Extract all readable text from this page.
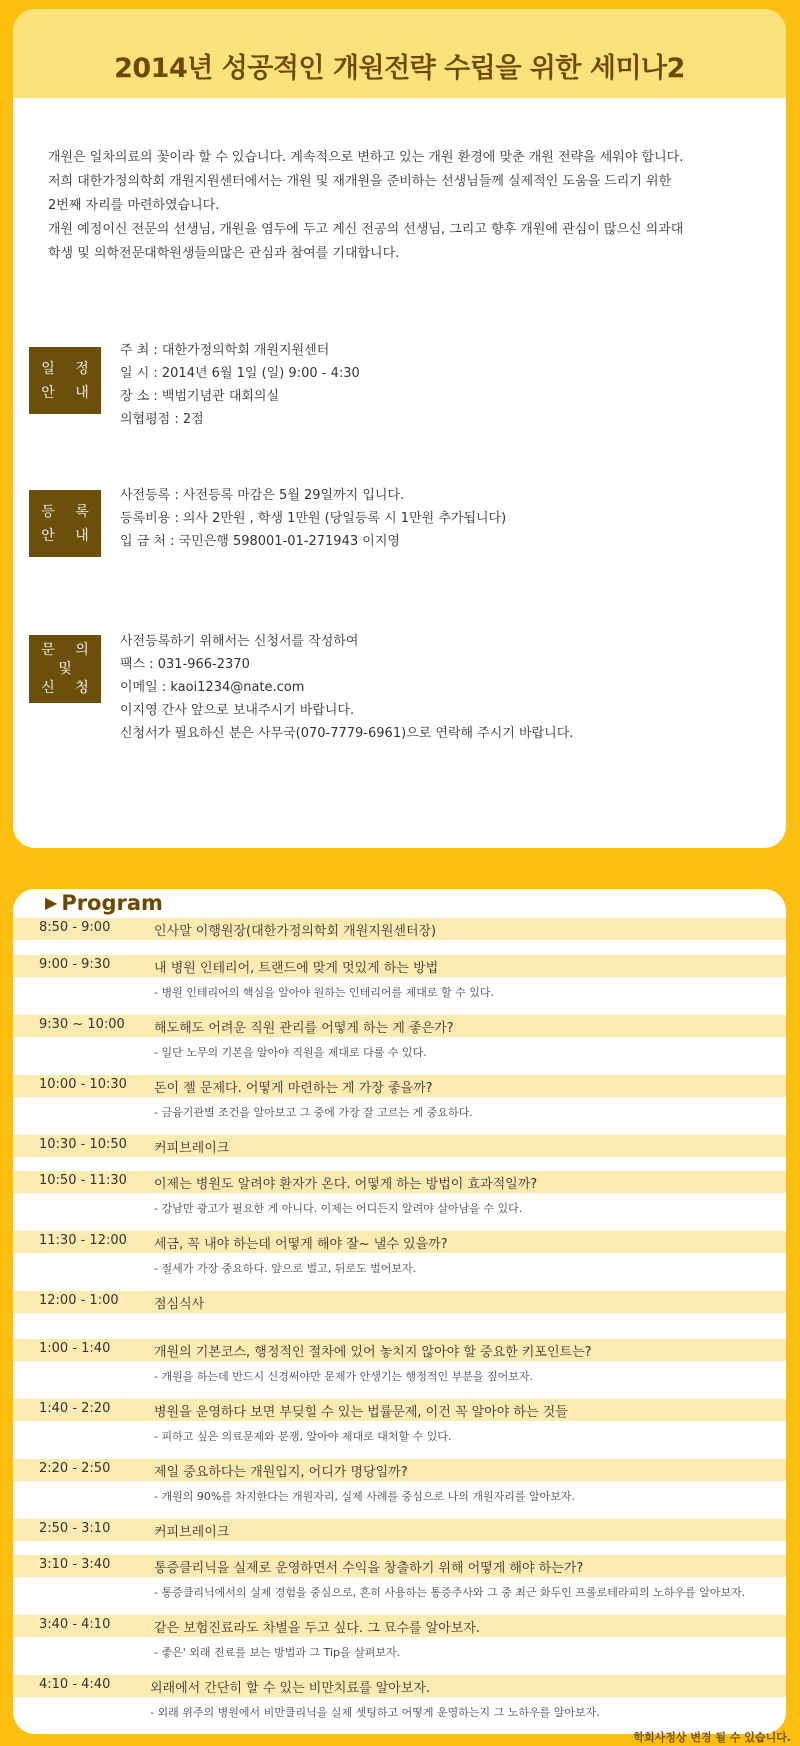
2014년 성공적인 개원전략 수립을 위한 세미나2

개원은 일차의료의 꽃이라 할 수 있습니다. 계속적으로 변하고 있는 개원 환경에 맞춘 개원 전략을 세워야 합니다.

저희 대한가정의학회 개원지원센터에서는 개원 및 재개원을 준비하는 선생님들께 실제적인 도움을 드리기 위한

2번째 자리를 마련하였습니다.

개원 예정이신 전문의 선생님, 개원을 염두에 두고 계신 전공의 선생님, 그리고 향후 개원에 관심이 많으신 의과대

학생 및 의학전문대학원생들의많은 관심과 참여를 기대합니다.

일 정
안 내

주 최 : 대한가정의학회 개원지원센터

일 시 : 2014년 6월 1일 (일) 9:00 - 4:30

장 소 : 백범기념관 대회의실

의협평점 : 2점

등 록
안 내

사전등록 : 사전등록 마감은 5월 29일까지 입니다.

등록비용 : 의사 2만원 , 학생 1만원 (당일등록 시 1만원 추가됩니다)

입 금 처 : 국민은행 598001-01-271943 이지영

문 의
및
신 청

사전등록하기 위해서는 신청서를 작성하여

팩스 : 031-966-2370

이메일 : kaoi1234@nate.com

이지영 간사 앞으로 보내주시기 바랍니다.

신청서가 필요하신 분은 사무국(070-7779-6961)으로 연락해 주시기 바랍니다.

▶ Program
8:50 - 9:00	인사말 이행원장(대한가정의학회 개원지원센터장)
9:00 - 9:30	내 병원 인테리어, 트랜드에 맞게 멋있게 하는 방법
- 병원 인테리어의 핵심을 알아야 원하는 인테리어를 제대로 할 수 있다.
9:30 ~ 10:00 해도해도 어려운 직원 관리를 어떻게 하는 게 좋은가?
- 일단 노무의 기본을 알아야 직원을 제대로 다룰 수 있다.
10:00 - 10:30 돈이 젤 문제다. 어떻게 마련하는 게 가장 좋을까?
- 금융기관별 조건을 알아보고 그 중에 가장 잘 고르는 게 중요하다.
10:30 - 10:50 커피브레이크
10:50 - 11:30 이제는 병원도 알려야 환자가 온다. 어떻게 하는 방법이 효과적일까?
- 강남만 광고가 필요한 게 아니다. 이제는 어디든지 알려야 살아남을 수 있다.
11:30 - 12:00 세금, 꼭 내야 하는데 어떻게 해야 잘~ 낼수 있을까?
- 절세가 가장 중요하다. 앞으로 벌고, 뒤로도 벌어보자.
12:00 - 1:00	점심식사
1:00 - 1:40	개원의 기본코스, 행정적인 절차에 있어 놓치지 않아야 할 중요한 키포인트는?
- 개원을 하는데 반드시 신경써야만 문제가 안생기는 행정적인 부분을 짚어보자.
1:40 - 2:20	병원을 운영하다 보면 부딪힐 수 있는 법률문제, 이건 꼭 알아야 하는 것들
- 피하고 싶은 의료문제와 분쟁, 알아야 제대로 대처할 수 있다.
2:20 - 2:50	제일 중요하다는 개원입지, 어디가 명당일까?
- 개원의 90%를 차지한다는 개원자리, 실제 사례를 중심으로 나의 개원자리를 알아보자.
2:50 - 3:10	커피브레이크
3:10 - 3:40	통증클리닉을 실제로 운영하면서 수익을 창출하기 위해 어떻게 해야 하는가?
- 통증클리닉에서의 실제 경험을 중심으로, 흔히 사용하는 통증주사와 그 중 최근 화두인 프롤로테라피의 노하우를 알아보자.
3:40 - 4:10	같은 보험진료라도 차별을 두고 싶다. 그 묘수를 알아보자.
- 좋은' 외래 진료를 보는 방법과 그 Tip을 살펴보자.
4:10 - 4:40	외래에서 간단히 할 수 있는 비만치료를 알아보자.
- 외래 위주의 병원에서 비만클리닉을 실제 셋팅하고 어떻게 운영하는지 그 노하우를 알아보자.
학회사정상 변경 될 수 있습니다.
